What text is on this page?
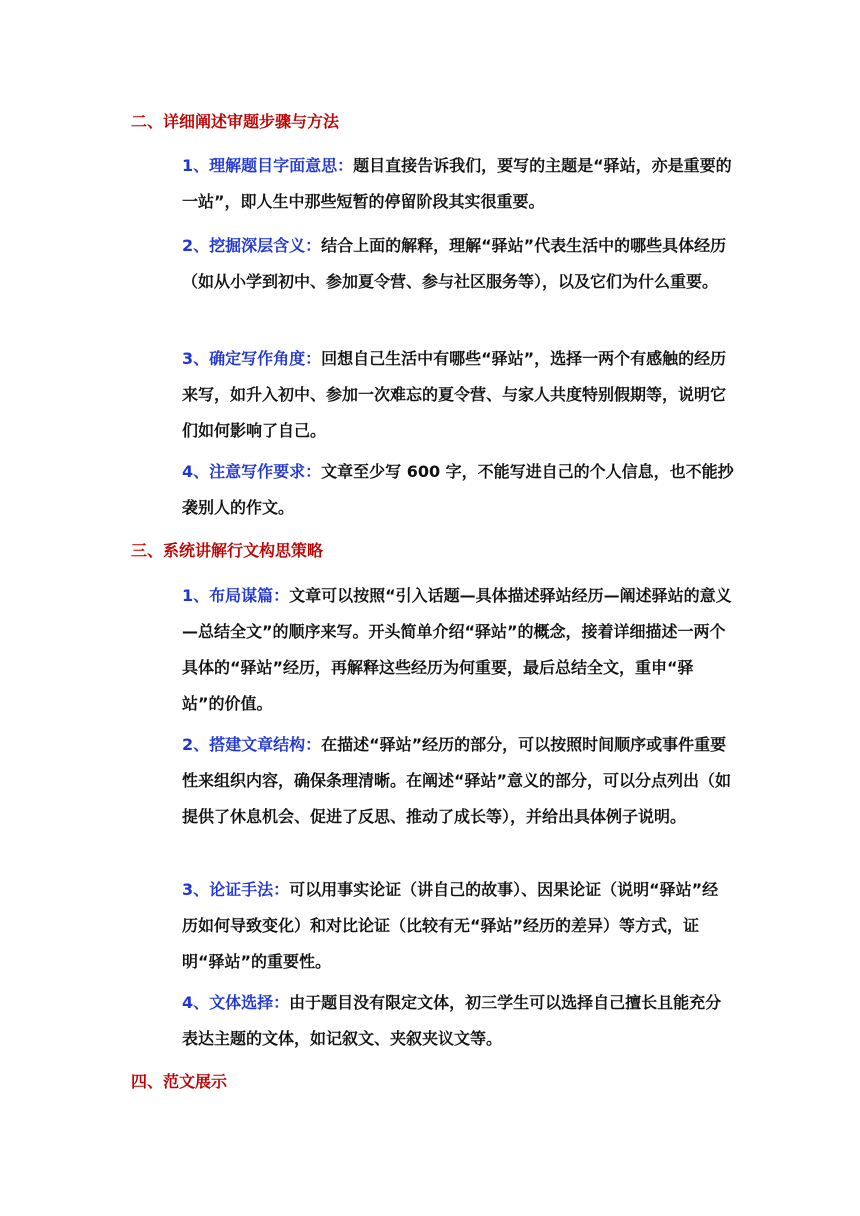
二、详细阐述审题步骤与方法

1、理解题目字面意思：题目直接告诉我们，要写的主题是“驿站，亦是重要的一站”，即人生中那些短暂的停留阶段其实很重要。

2、挖掘深层含义：结合上面的解释，理解“驿站”代表生活中的哪些具体经历（如从小学到初中、参加夏令营、参与社区服务等），以及它们为什么重要。

3、确定写作角度：回想自己生活中有哪些“驿站”，选择一两个有感触的经历来写，如升入初中、参加一次难忘的夏令营、与家人共度特别假期等，说明它们如何影响了自己。

4、注意写作要求：文章至少写 600 字，不能写进自己的个人信息，也不能抄袭别人的作文。

三、系统讲解行文构思策略

1、布局谋篇：文章可以按照“引入话题—具体描述驿站经历—阐述驿站的意义—总结全文”的顺序来写。开头简单介绍“驿站”的概念，接着详细描述一两个具体的“驿站”经历，再解释这些经历为何重要，最后总结全文，重申“驿站”的价值。

2、搭建文章结构：在描述“驿站”经历的部分，可以按照时间顺序或事件重要性来组织内容，确保条理清晰。在阐述“驿站”意义的部分，可以分点列出（如提供了休息机会、促进了反思、推动了成长等），并给出具体例子说明。

3、论证手法：可以用事实论证（讲自己的故事）、因果论证（说明“驿站”经历如何导致变化）和对比论证（比较有无“驿站”经历的差异）等方式，证明“驿站”的重要性。

4、文体选择：由于题目没有限定文体，初三学生可以选择自己擅长且能充分表达主题的文体，如记叙文、夹叙夹议文等。

四、范文展示
